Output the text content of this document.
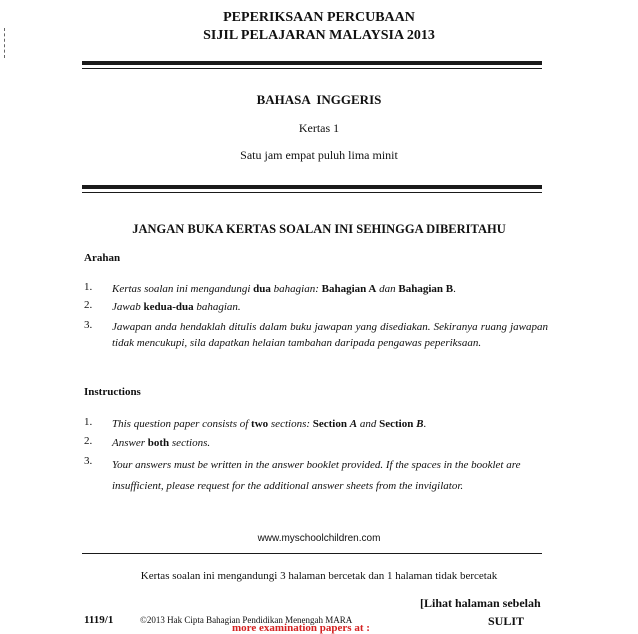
PEPERIKSAAN PERCUBAAN
SIJIL PELAJARAN MALAYSIA 2013
BAHASA INGGERIS
Kertas 1
Satu jam empat puluh lima minit
JANGAN BUKA KERTAS SOALAN INI SEHINGGA DIBERITAHU
Arahan
1. Kertas soalan ini mengandungi dua bahagian: Bahagian A dan Bahagian B.
2. Jawab kedua-dua bahagian.
3. Jawapan anda hendaklah ditulis dalam buku jawapan yang disediakan. Sekiranya ruang jawapan tidak mencukupi, sila dapatkan helaian tambahan daripada pengawas peperiksaan.
Instructions
1. This question paper consists of two sections: Section A and Section B.
2. Answer both sections.
3. Your answers must be written in the answer booklet provided. If the spaces in the booklet are insufficient, please request for the additional answer sheets from the invigilator.
www.myschoolchildren.com
Kertas soalan ini mengandungi 3 halaman bercetak dan 1 halaman tidak bercetak
[Lihat halaman sebelah
1119/1	©2013 Hak Cipta Bahagian Pendidikan Menengah MARA	SULIT
more examination papers at :
